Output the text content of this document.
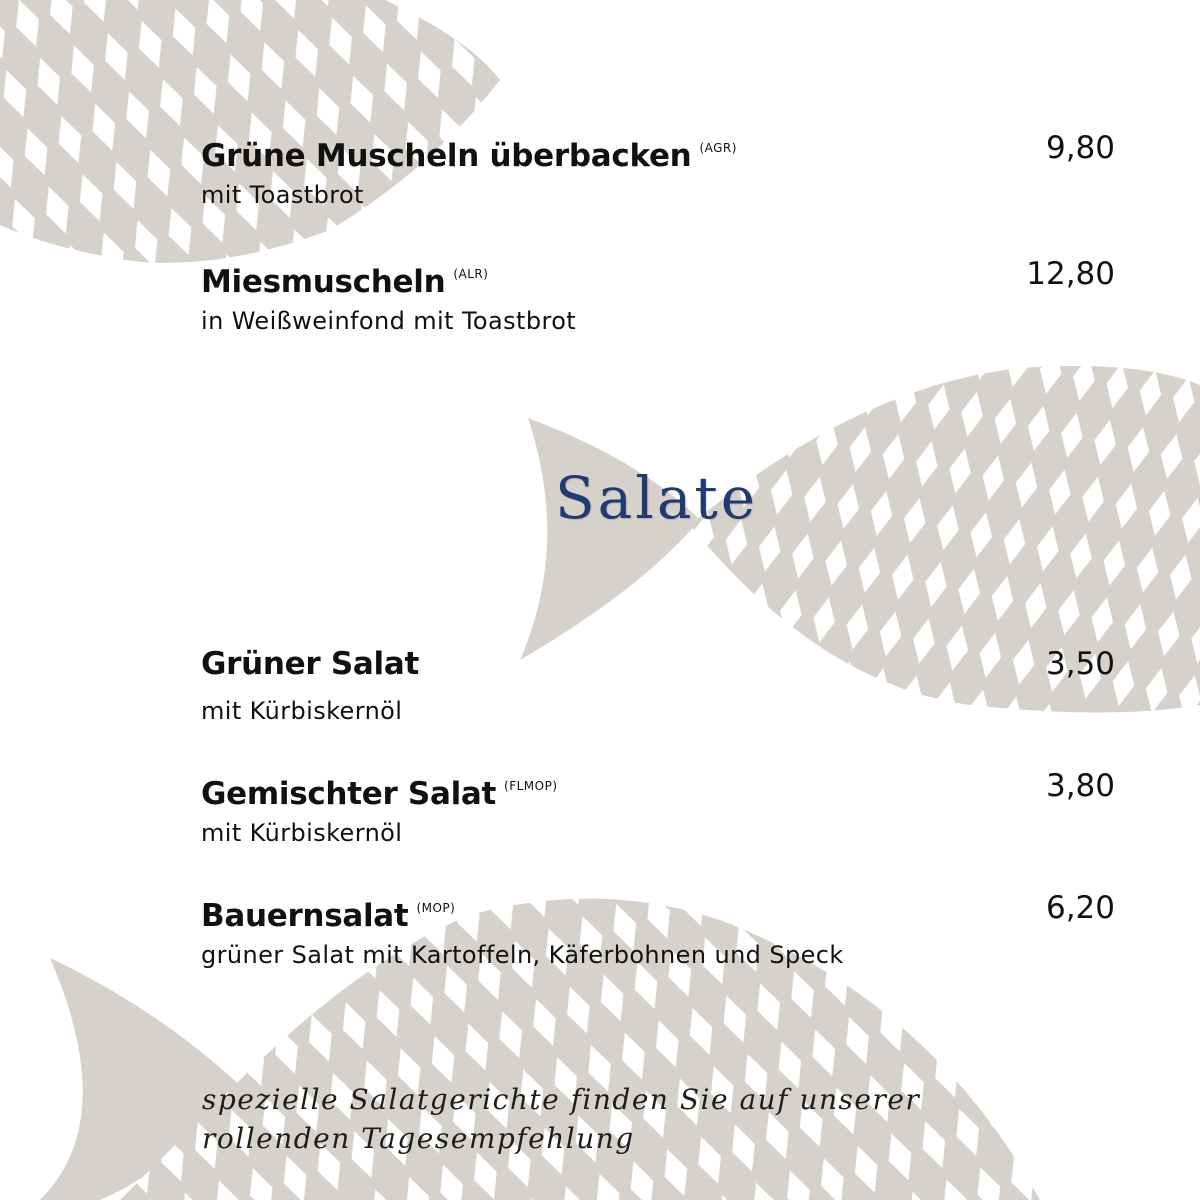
Grüne Muscheln überbacken $^{(AGR)}$	9,80
mit Toastbrot
Miesmuscheln $^{(ALR)}$	12,80
in Weißweinfond mit Toastbrot
Salate
Grüner Salat	3,50
mit Kürbiskernöl
Gemischter Salat $^{(FLMOP)}$	3,80
mit Kürbiskernöl
Bauernsalat $^{(MOP)}$	6,20
grüner Salat mit Kartoffeln, Käferbohnen und Speck
spezielle Salatgerichte finden Sie auf unserer
rollenden Tagesempfehlung
